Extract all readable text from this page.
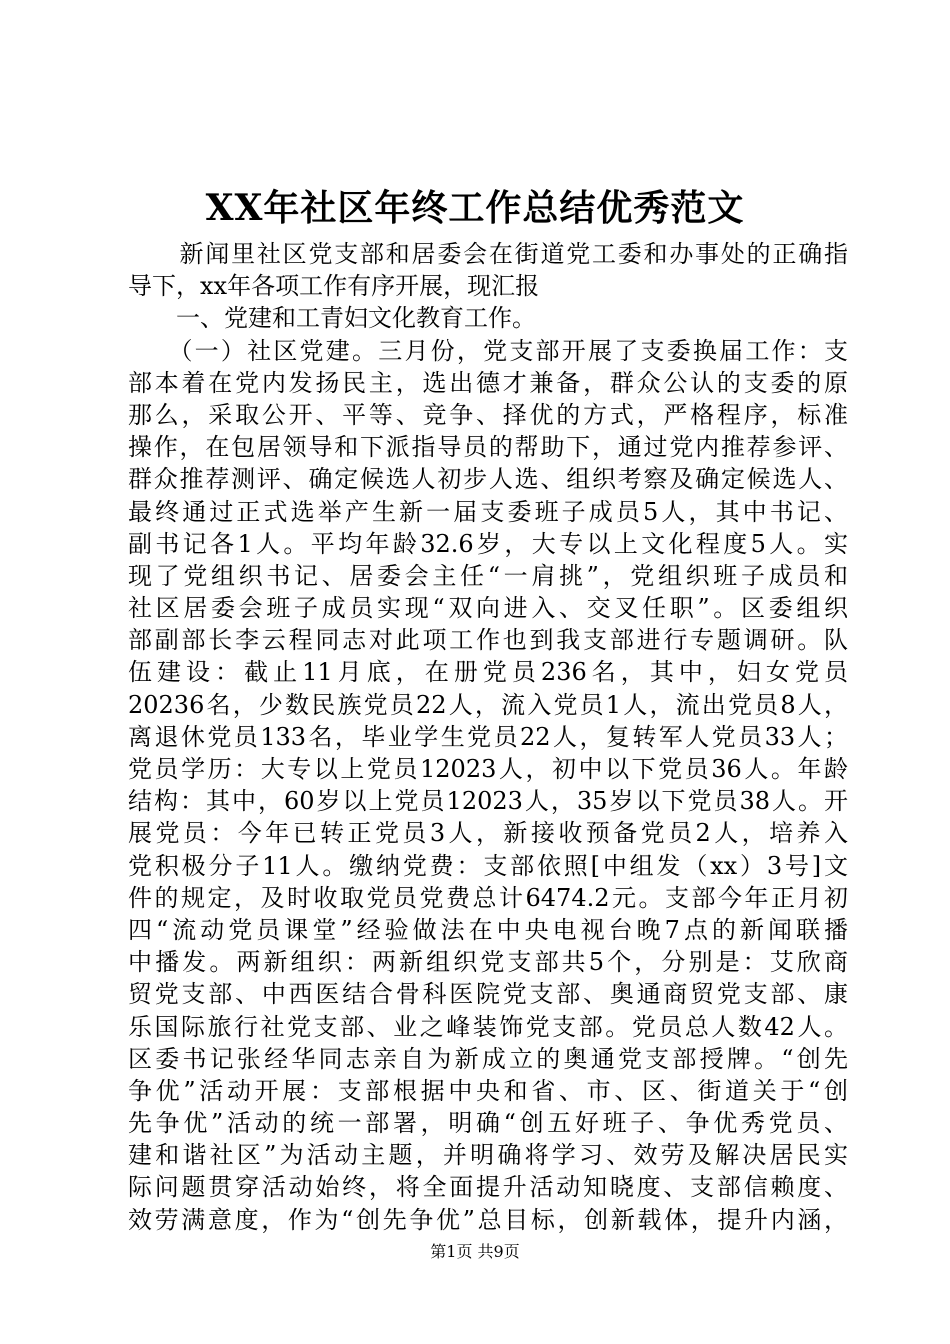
XX年社区年终工作总结优秀范文
　　新闻里社区党支部和居委会在街道党工委和办事处的正确指
导下，xx年各项工作有序开展，现汇报
　　一、党建和工青妇文化教育工作。
　　（一）社区党建。三月份，党支部开展了支委换届工作：支
部本着在党内发扬民主，选出德才兼备，群众公认的支委的原
那么，采取公开、平等、竞争、择优的方式，严格程序，标准
操作，在包居领导和下派指导员的帮助下，通过党内推荐参评、
群众推荐测评、确定候选人初步人选、组织考察及确定候选人、
最终通过正式选举产生新一届支委班子成员5人，其中书记、
副书记各1人。平均年龄32.6岁，大专以上文化程度5人。实
现了党组织书记、居委会主任“一肩挑”，党组织班子成员和
社区居委会班子成员实现“双向进入、交叉任职”。区委组织
部副部长李云程同志对此项工作也到我支部进行专题调研。队
伍建设：截止11月底，在册党员236名，其中，妇女党员
20236名，少数民族党员22人，流入党员1人，流出党员8人，
离退休党员133名，毕业学生党员22人，复转军人党员33人；
党员学历：大专以上党员12023人，初中以下党员36人。年龄
结构：其中，60岁以上党员12023人，35岁以下党员38人。开
展党员：今年已转正党员3人，新接收预备党员2人，培养入
党积极分子11人。缴纳党费：支部依照[中组发（xx）3号]文
件的规定，及时收取党员党费总计6474.2元。支部今年正月初
四“流动党员课堂”经验做法在中央电视台晚7点的新闻联播
中播发。两新组织：两新组织党支部共5个，分别是：艾欣商
贸党支部、中西医结合骨科医院党支部、奥通商贸党支部、康
乐国际旅行社党支部、业之峰装饰党支部。党员总人数42人。
区委书记张经华同志亲自为新成立的奥通党支部授牌。“创先
争优”活动开展：支部根据中央和省、市、区、街道关于“创
先争优”活动的统一部署，明确“创五好班子、争优秀党员、
建和谐社区”为活动主题，并明确将学习、效劳及解决居民实
际问题贯穿活动始终，将全面提升活动知晓度、支部信赖度、
效劳满意度，作为“创先争优”总目标，创新载体，提升内涵，
第1页 共9页
